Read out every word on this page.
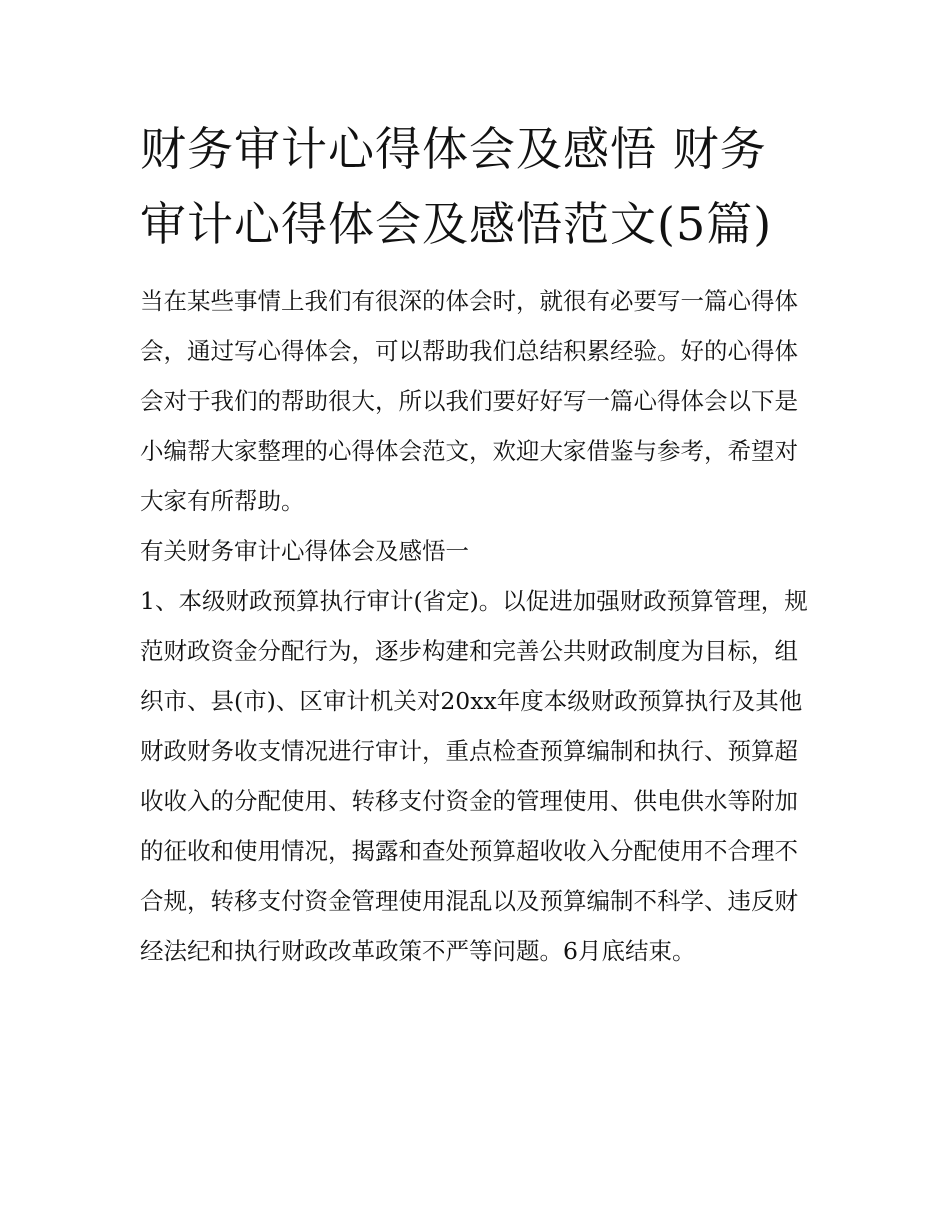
财务审计心得体会及感悟 财务审计心得体会及感悟范文(5篇)

当在某些事情上我们有很深的体会时，就很有必要写一篇心得体会，通过写心得体会，可以帮助我们总结积累经验。好的心得体会对于我们的帮助很大，所以我们要好好写一篇心得体会以下是小编帮大家整理的心得体会范文，欢迎大家借鉴与参考，希望对大家有所帮助。

有关财务审计心得体会及感悟一

1、本级财政预算执行审计(省定)。以促进加强财政预算管理，规范财政资金分配行为，逐步构建和完善公共财政制度为目标，组织市、县(市)、区审计机关对20xx年度本级财政预算执行及其他财政财务收支情况进行审计，重点检查预算编制和执行、预算超收收入的分配使用、转移支付资金的管理使用、供电供水等附加的征收和使用情况，揭露和查处预算超收收入分配使用不合理不合规，转移支付资金管理使用混乱以及预算编制不科学、违反财经法纪和执行财政改革政策不严等问题。6月底结束。
